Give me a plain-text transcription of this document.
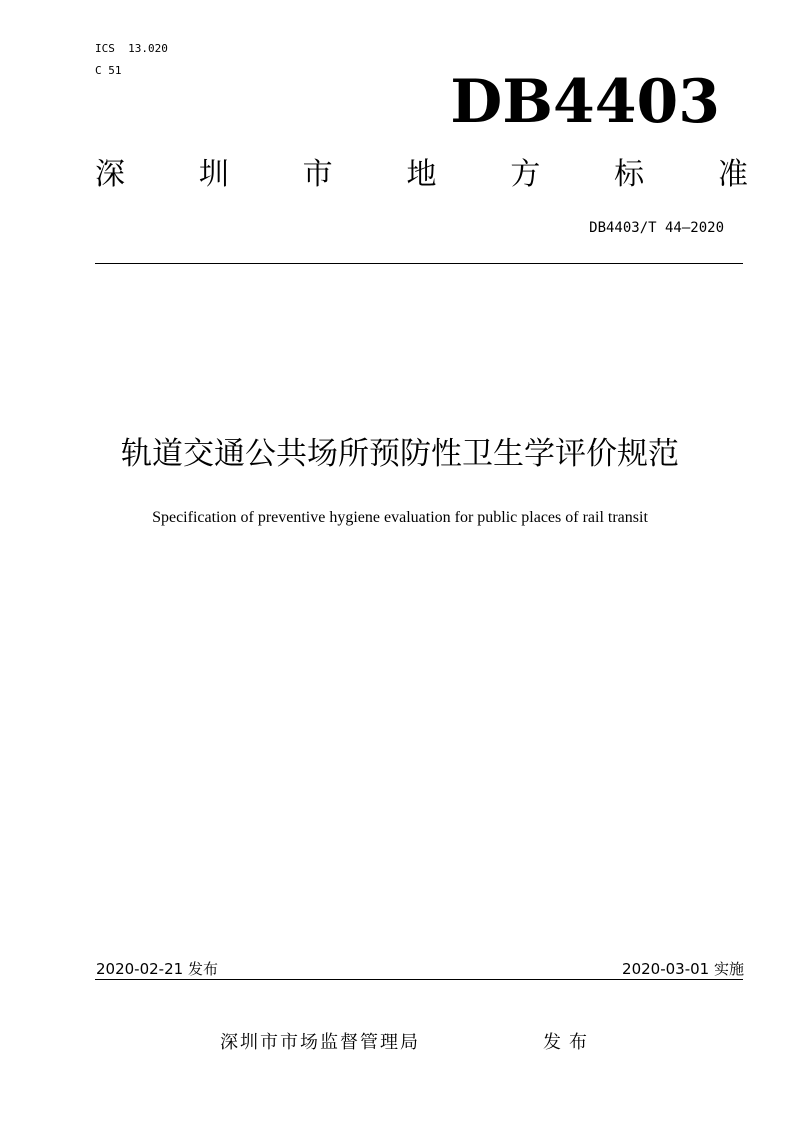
ICS  13.020
C 51	DB4403
深 圳 市 地 方 标 准
DB4403/T 44—2020
轨道交通公共场所预防性卫生学评价规范
Specification of preventive hygiene evaluation for public places of rail transit
2020-02-21 发布	2020-03-01 实施
深圳市市场监督管理局	发布
